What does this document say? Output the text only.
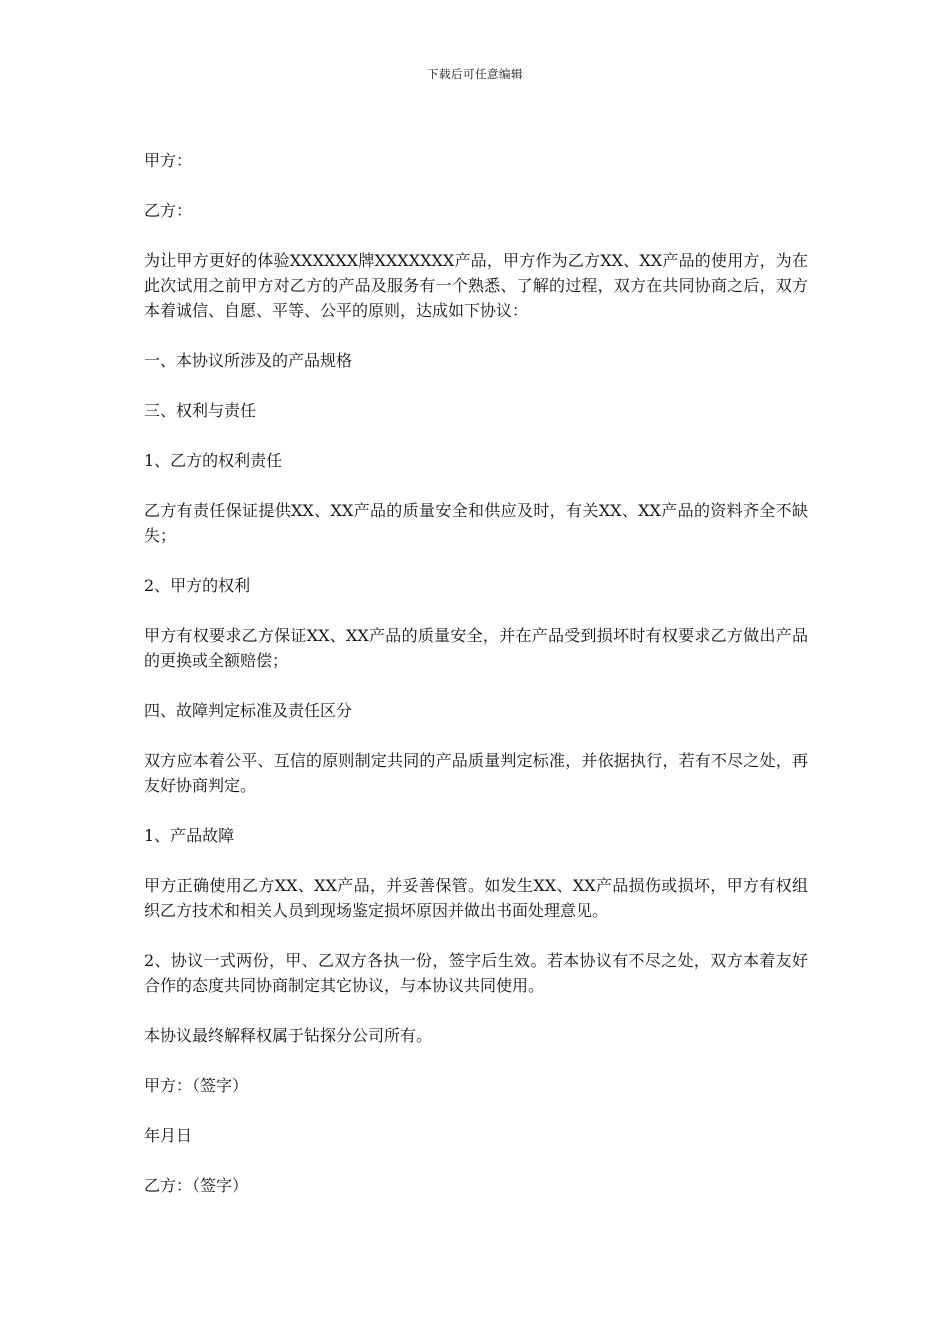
下载后可任意编辑

甲方：

乙方：

为让甲方更好的体验XXXXXX牌XXXXXXX产品，甲方作为乙方XX、XX产品的使用方，为在此次试用之前甲方对乙方的产品及服务有一个熟悉、了解的过程，双方在共同协商之后，双方本着诚信、自愿、平等、公平的原则，达成如下协议：

一、本协议所涉及的产品规格

三、权利与责任

1、乙方的权利责任

乙方有责任保证提供XX、XX产品的质量安全和供应及时，有关XX、XX产品的资料齐全不缺失；

2、甲方的权利

甲方有权要求乙方保证XX、XX产品的质量安全，并在产品受到损坏时有权要求乙方做出产品的更换或全额赔偿；

四、故障判定标准及责任区分

双方应本着公平、互信的原则制定共同的产品质量判定标准，并依据执行，若有不尽之处，再友好协商判定。

1、产品故障

甲方正确使用乙方XX、XX产品，并妥善保管。如发生XX、XX产品损伤或损坏，甲方有权组织乙方技术和相关人员到现场鉴定损坏原因并做出书面处理意见。

2、协议一式两份，甲、乙双方各执一份，签字后生效。若本协议有不尽之处，双方本着友好合作的态度共同协商制定其它协议，与本协议共同使用。

本协议最终解释权属于钻探分公司所有。

甲方：（签字）

年月日

乙方：（签字）
